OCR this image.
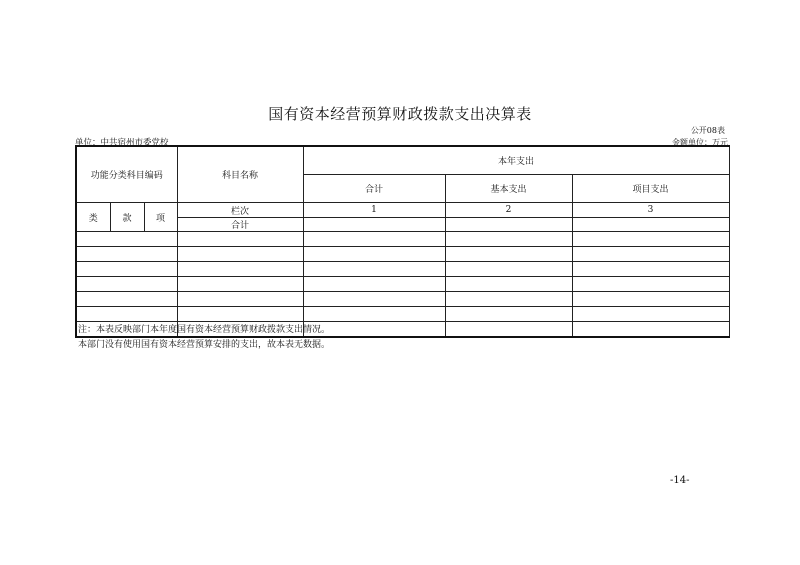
国有资本经营预算财政拨款支出决算表
公开08表
单位：中共宿州市委党校	金额单位：万元
功能分类科目编码			科目名称	本年支出		
				合计	基本支出	项目支出
类	款	项	栏次	1	2	3
			合计			

注：本表反映部门本年度国有资本经营预算财政拨款支出情况。
本部门没有使用国有资本经营预算安排的支出，故本表无数据。
-14-
